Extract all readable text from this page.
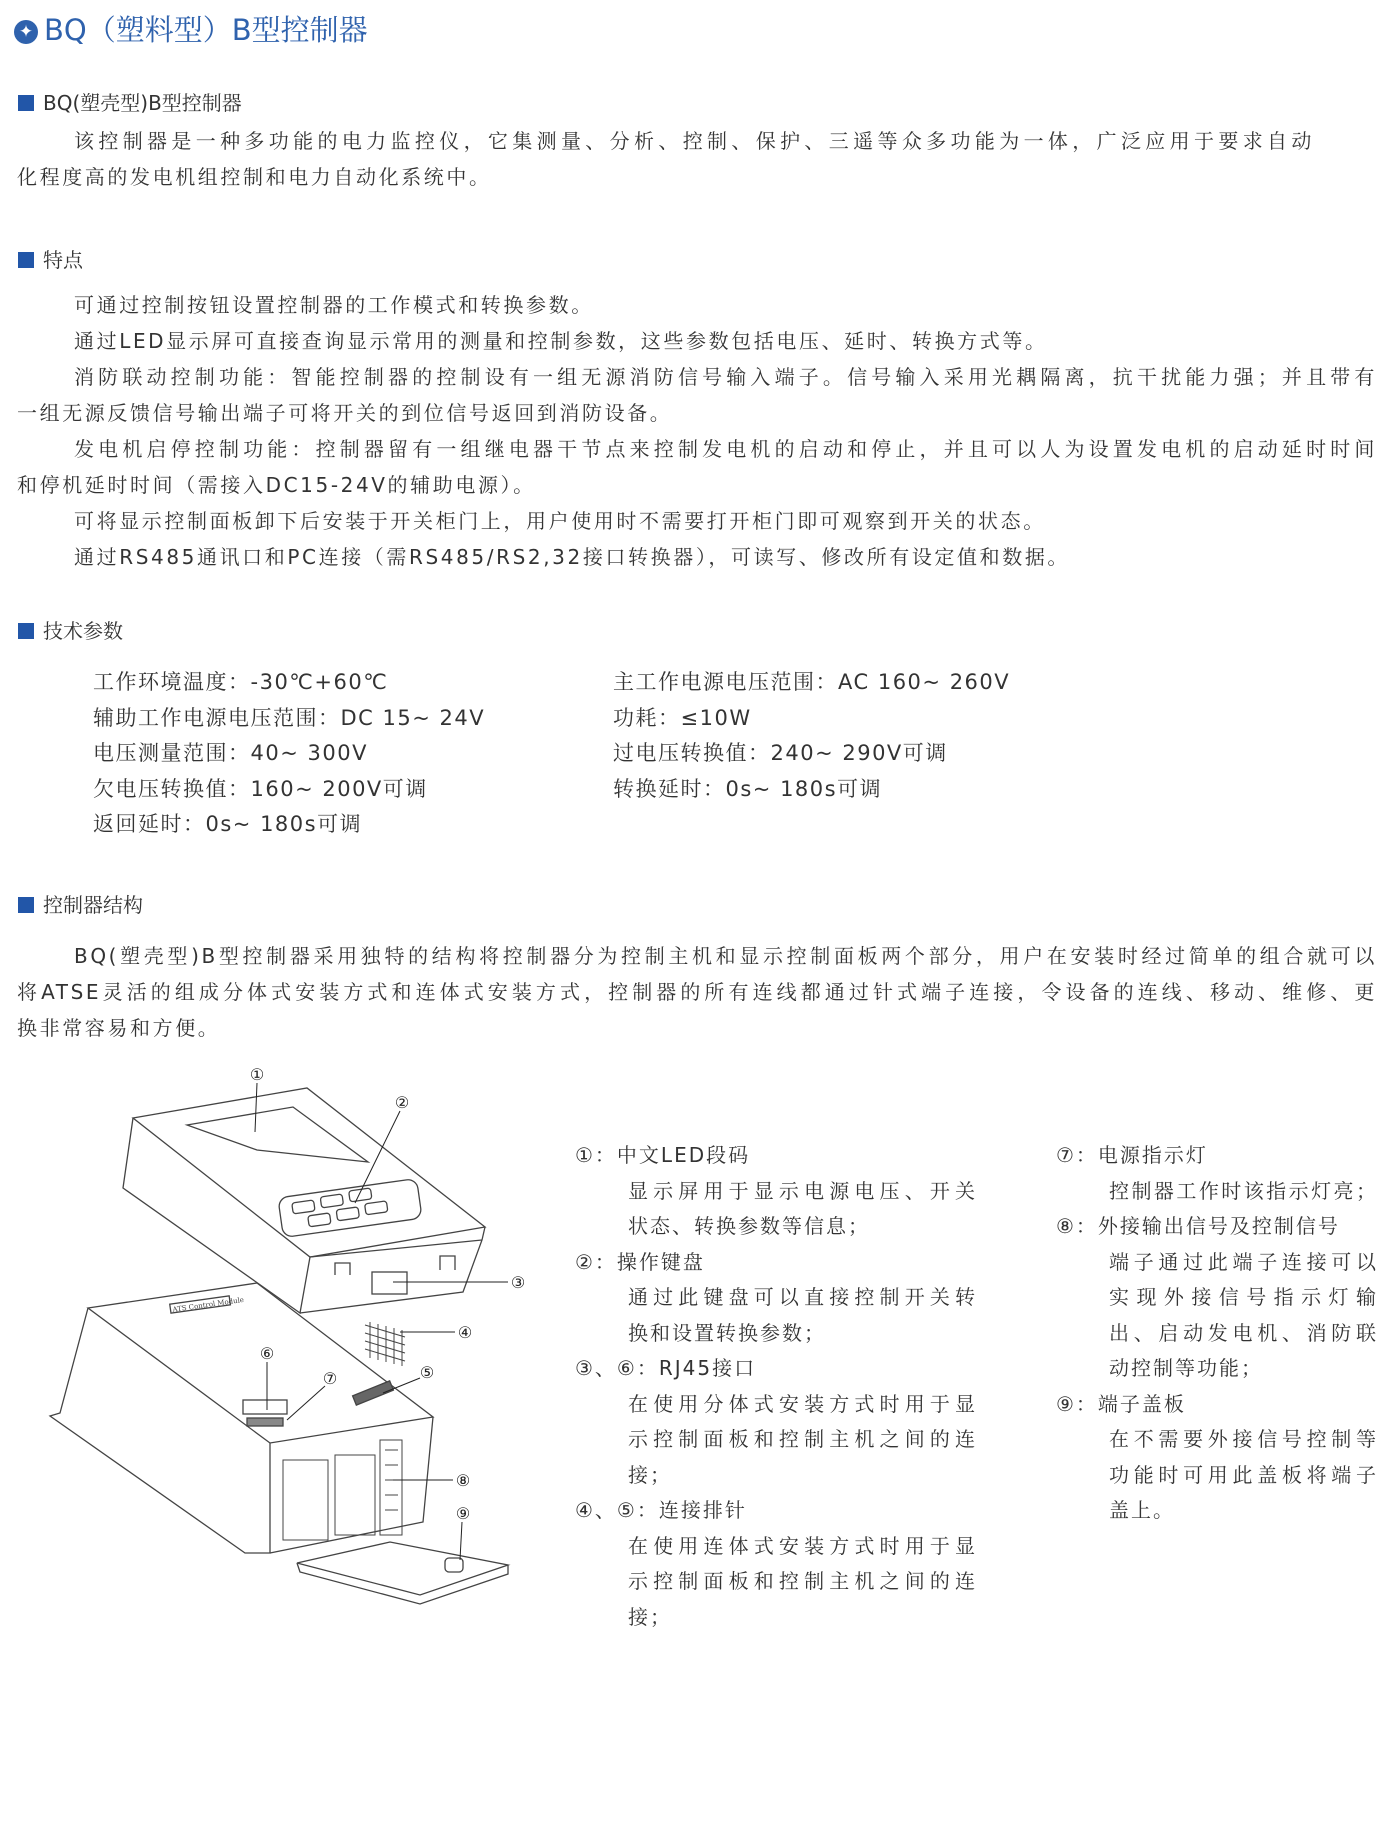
✦ BQ（塑料型）B型控制器
BQ(塑壳型)B型控制器
该控制器是一种多功能的电力监控仪，它集测量、分析、控制、保护、三遥等众多功能为一体，广泛应用于要求自动
化程度高的发电机组控制和电力自动化系统中。
特点
可通过控制按钮设置控制器的工作模式和转换参数。
通过LED显示屏可直接查询显示常用的测量和控制参数，这些参数包括电压、延时、转换方式等。
消防联动控制功能：智能控制器的控制设有一组无源消防信号输入端子。信号输入采用光耦隔离，抗干扰能力强；并且带有
一组无源反馈信号输出端子可将开关的到位信号返回到消防设备。
发电机启停控制功能：控制器留有一组继电器干节点来控制发电机的启动和停止，并且可以人为设置发电机的启动延时时间
和停机延时时间（需接入DC15-24V的辅助电源）。
可将显示控制面板卸下后安装于开关柜门上，用户使用时不需要打开柜门即可观察到开关的状态。
通过RS485通讯口和PC连接（需RS485/RS2,32接口转换器），可读写、修改所有设定值和数据。
技术参数
工作环境温度：-30℃+60℃
辅助工作电源电压范围：DC 15~ 24V
电压测量范围：40~ 300V
欠电压转换值：160~ 200V可调
返回延时：0s~ 180s可调
主工作电源电压范围：AC 160~ 260V
功耗：≤10W
过电压转换值：240~ 290V可调
转换延时：0s~ 180s可调
控制器结构
BQ(塑壳型)B型控制器采用独特的结构将控制器分为控制主机和显示控制面板两个部分，用户在安装时经过简单的组合就可以
将ATSE灵活的组成分体式安装方式和连体式安装方式，控制器的所有连线都通过针式端子连接，令设备的连线、移动、维修、更
换非常容易和方便。
ATS Control Module
①
②
③
④
⑤
⑥
⑦
⑧
⑨
①：中文LED段码
显示屏用于显示电源电压、开关
状态、转换参数等信息；
②：操作键盘
通过此键盘可以直接控制开关转
换和设置转换参数；
③、⑥：RJ45接口
在使用分体式安装方式时用于显
示控制面板和控制主机之间的连
接；
④、⑤：连接排针
在使用连体式安装方式时用于显
示控制面板和控制主机之间的连
接；
⑦：电源指示灯
控制器工作时该指示灯亮；
⑧：外接输出信号及控制信号
端子通过此端子连接可以
实现外接信号指示灯输
出、启动发电机、消防联
动控制等功能；
⑨：端子盖板
在不需要外接信号控制等
功能时可用此盖板将端子
盖上。
